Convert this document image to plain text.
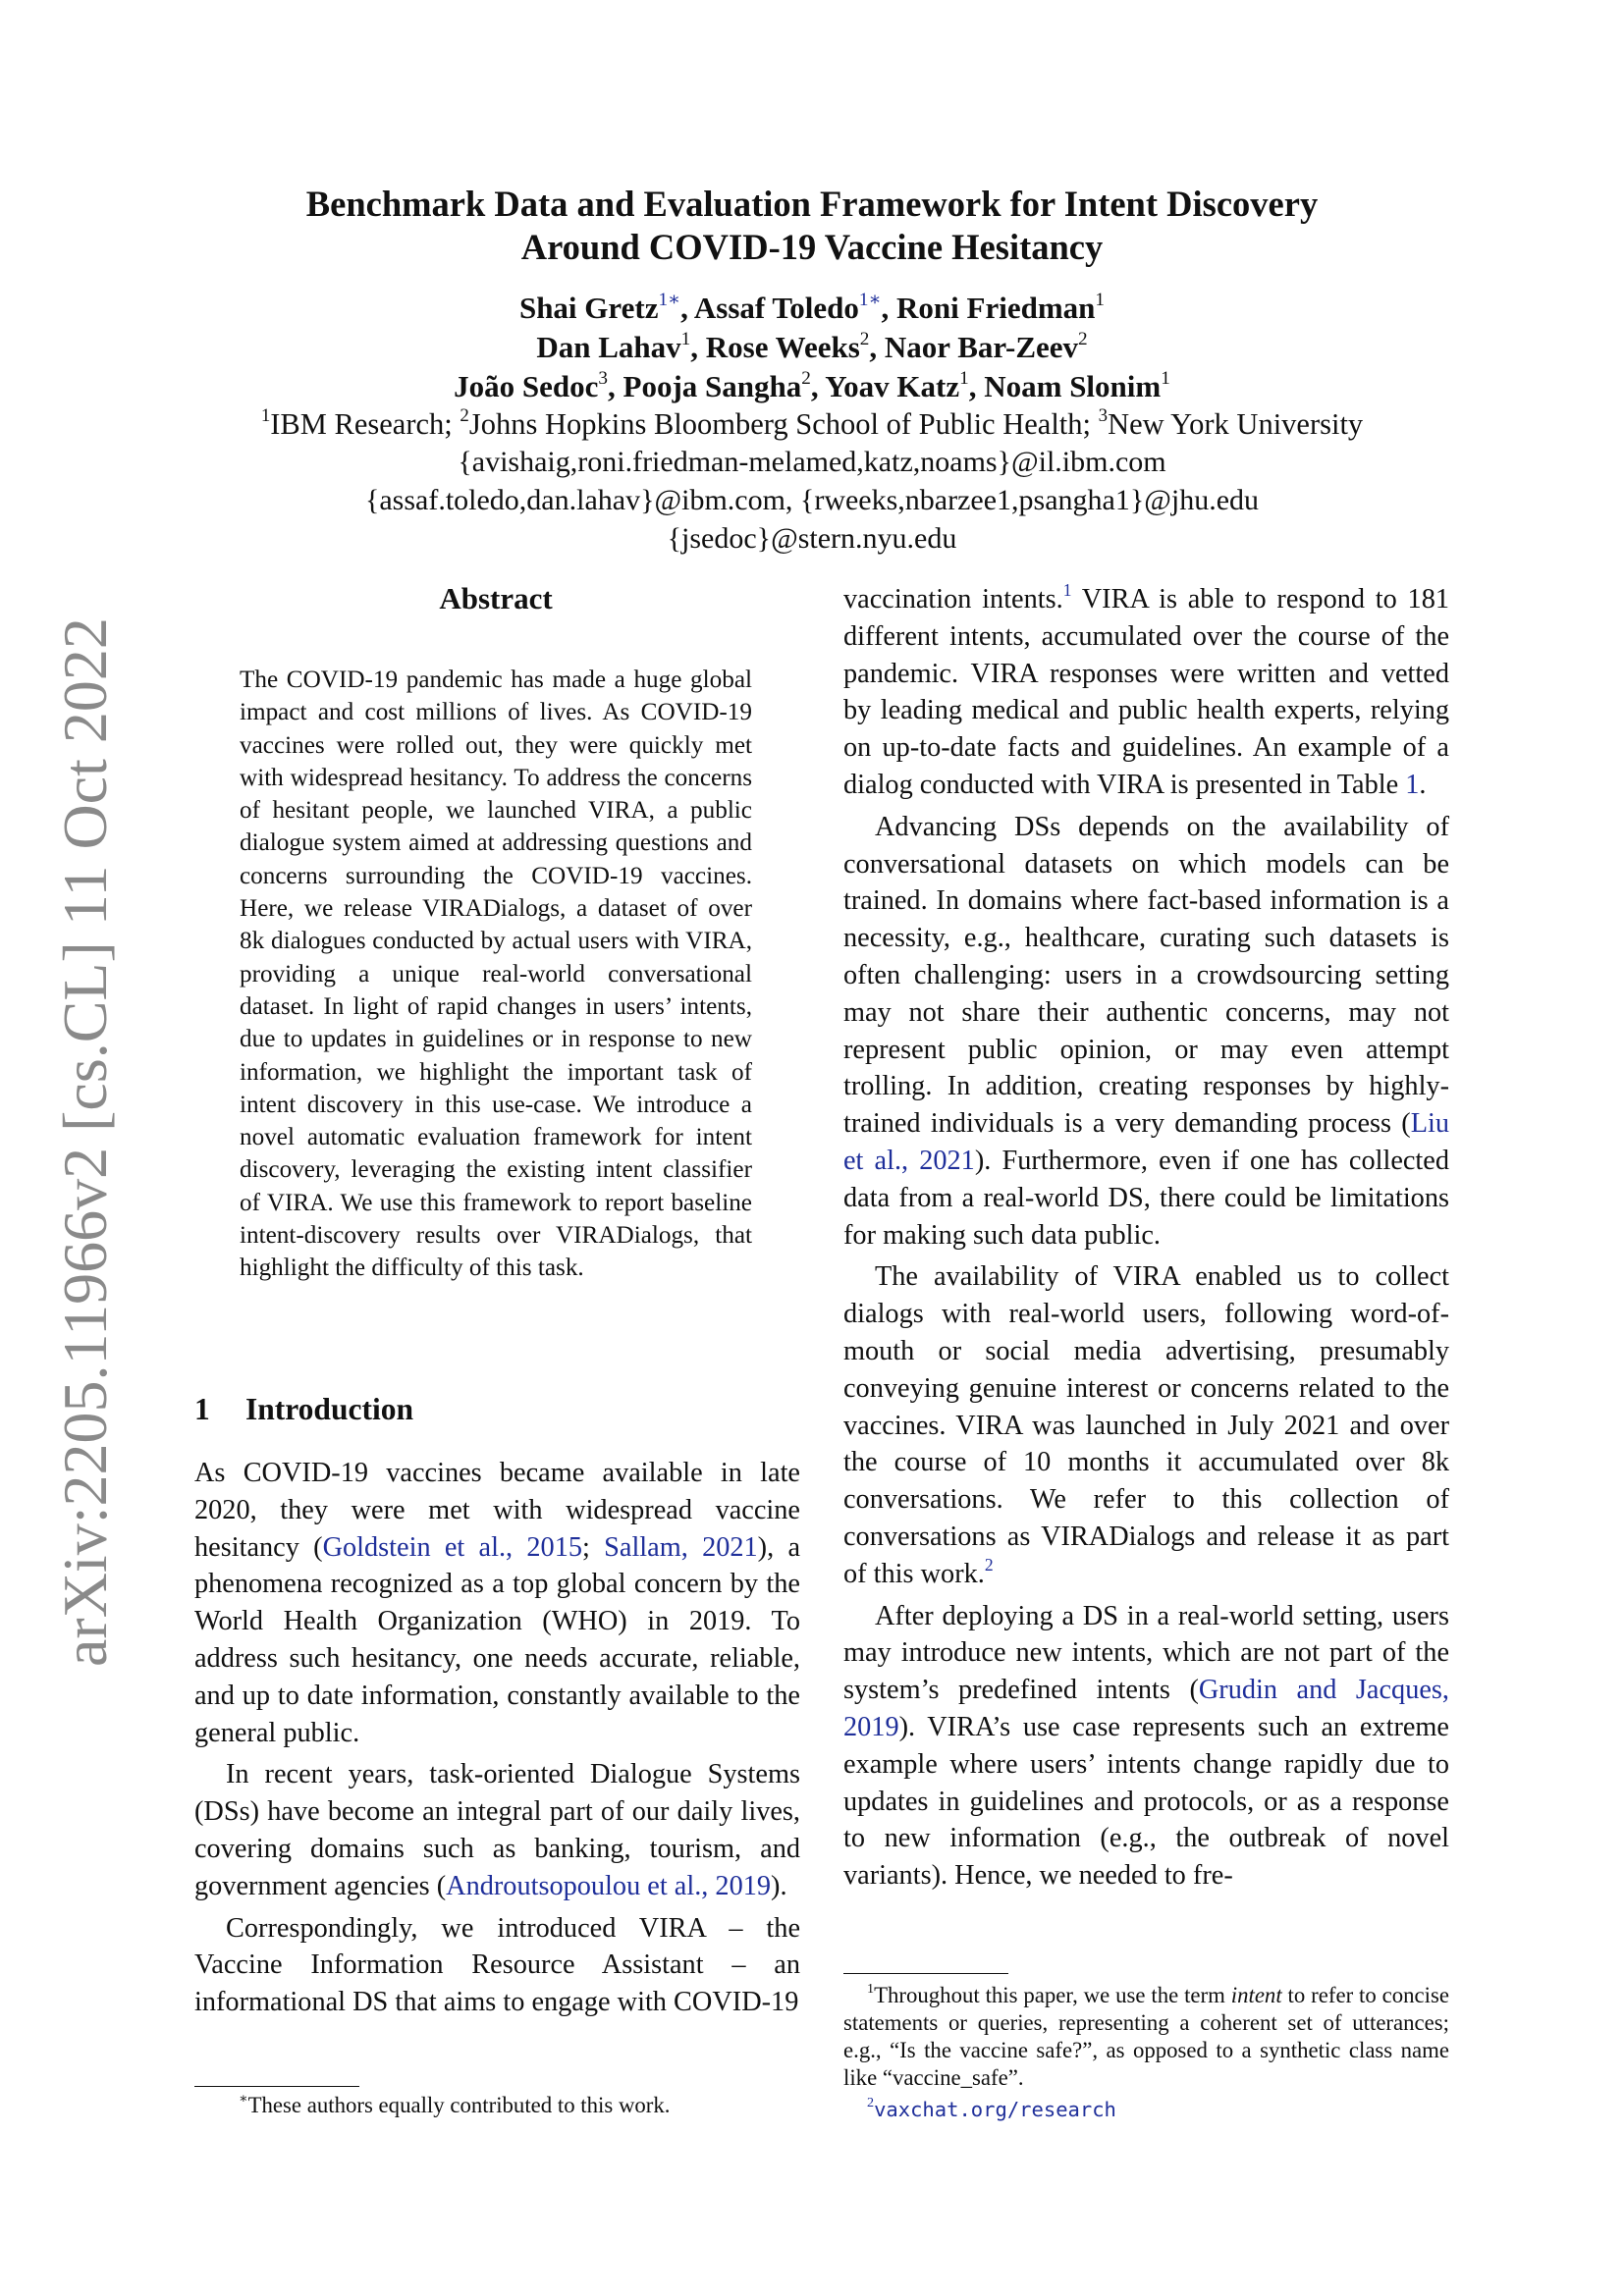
arXiv:2205.11966v2 [cs.CL] 11 Oct 2022
Benchmark Data and Evaluation Framework for Intent Discovery
Around COVID-19 Vaccine Hesitancy
Shai Gretz$^{1∗}$, Assaf Toledo$^{1∗}$, Roni Friedman$^1$
Dan Lahav$^1$, Rose Weeks$^2$, Naor Bar-Zeev$^2$
João Sedoc$^3$, Pooja Sangha$^2$, Yoav Katz$^1$, Noam Slonim$^1$
$^1$IBM Research; $^2$Johns Hopkins Bloomberg School of Public Health; $^3$New York University
{avishaig,roni.friedman-melamed,katz,noams}@il.ibm.com
{assaf.toledo,dan.lahav}@ibm.com, {rweeks,nbarzee1,psangha1}@jhu.edu
{jsedoc}@stern.nyu.edu
Abstract
The COVID-19 pandemic has made a huge global impact and cost millions of lives. As COVID-19 vaccines were rolled out, they were quickly met with widespread hesitancy. To address the concerns of hesitant people, we launched VIRA, a public dialogue system aimed at addressing questions and concerns surrounding the COVID-19 vaccines. Here, we release VIRADialogs, a dataset of over 8k dialogues conducted by actual users with VIRA, providing a unique real-world conversational dataset. In light of rapid changes in users’ intents, due to updates in guidelines or in response to new information, we highlight the important task of intent discovery in this use-case. We introduce a novel automatic evaluation framework for intent discovery, leveraging the existing intent classifier of VIRA. We use this framework to report baseline intent-discovery results over VIRADialogs, that highlight the difficulty of this task.
1 Introduction

As COVID-19 vaccines became available in late 2020, they were met with widespread vaccine hesitancy (Goldstein et al., 2015; Sallam, 2021), a phenomena recognized as a top global concern by the World Health Organization (WHO) in 2019. To address such hesitancy, one needs accurate, reliable, and up to date information, constantly available to the general public.

In recent years, task-oriented Dialogue Systems (DSs) have become an integral part of our daily lives, covering domains such as banking, tourism, and government agencies (Androutsopoulou et al., 2019).

Correspondingly, we introduced VIRA – the Vaccine Information Resource Assistant – an informational DS that aims to engage with COVID-19

∗These authors equally contributed to this work.

vaccination intents.$^1$ VIRA is able to respond to 181 different intents, accumulated over the course of the pandemic. VIRA responses were written and vetted by leading medical and public health experts, relying on up-to-date facts and guidelines. An example of a dialog conducted with VIRA is presented in Table 1.

Advancing DSs depends on the availability of conversational datasets on which models can be trained. In domains where fact-based information is a necessity, e.g., healthcare, curating such datasets is often challenging: users in a crowdsourcing setting may not share their authentic concerns, may not represent public opinion, or may even attempt trolling. In addition, creating responses by highly-trained individuals is a very demanding process (Liu et al., 2021). Furthermore, even if one has collected data from a real-world DS, there could be limitations for making such data public.

The availability of VIRA enabled us to collect dialogs with real-world users, following word-of-mouth or social media advertising, presumably conveying genuine interest or concerns related to the vaccines. VIRA was launched in July 2021 and over the course of 10 months it accumulated over 8k conversations. We refer to this collection of conversations as VIRADialogs and release it as part of this work.$^2$

After deploying a DS in a real-world setting, users may introduce new intents, which are not part of the system’s predefined intents (Grudin and Jacques, 2019). VIRA’s use case represents such an extreme example where users’ intents change rapidly due to updates in guidelines and protocols, or as a response to new information (e.g., the outbreak of novel variants). Hence, we needed to fre-

$^1$Throughout this paper, we use the term intent to refer to concise statements or queries, representing a coherent set of utterances; e.g., “Is the vaccine safe?”, as opposed to a synthetic class name like “vaccine_safe”.
$^2$vaxchat.org/research
